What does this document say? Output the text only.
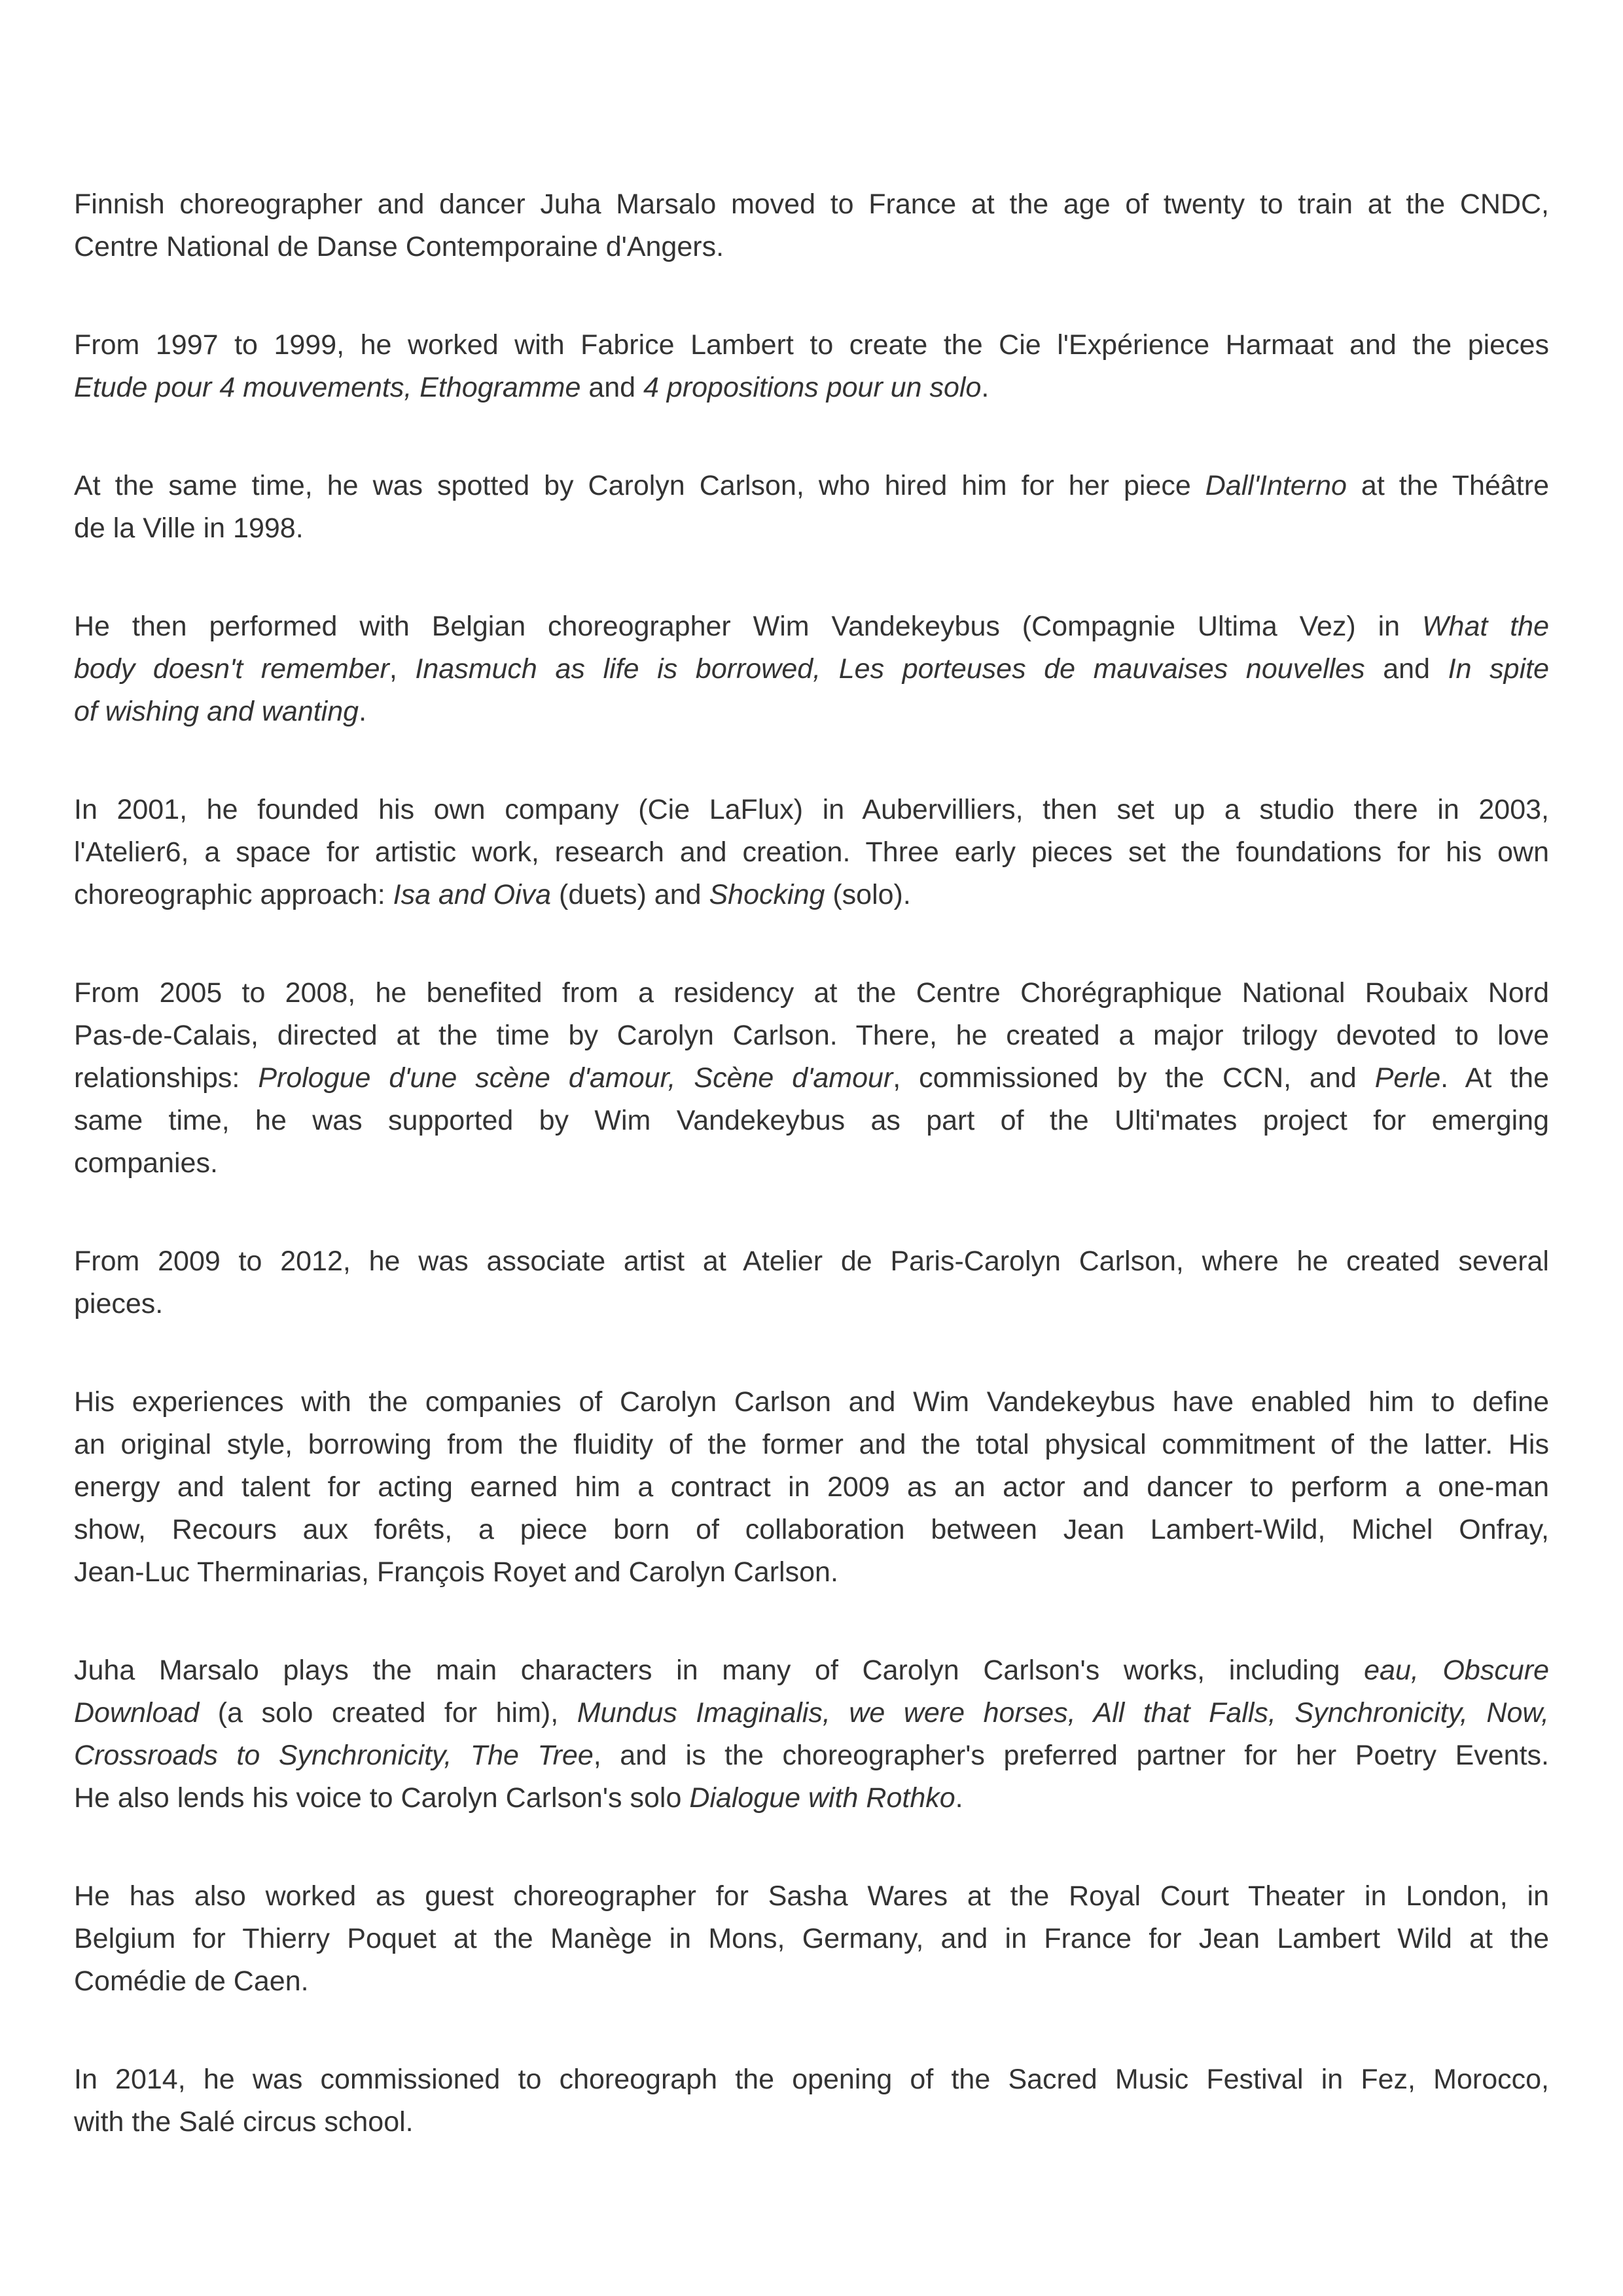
Finnish choreographer and dancer Juha Marsalo moved to France at the age of twenty to train at the CNDC,
Centre National de Danse Contemporaine d'Angers.
From 1997 to 1999, he worked with Fabrice Lambert to create the Cie l'Expérience Harmaat and the pieces
Etude pour 4 mouvements, Ethogramme and 4 propositions pour un solo.
At the same time, he was spotted by Carolyn Carlson, who hired him for her piece Dall'Interno at the Théâtre
de la Ville in 1998.
He then performed with Belgian choreographer Wim Vandekeybus (Compagnie Ultima Vez) in What the
body doesn't remember, Inasmuch as life is borrowed, Les porteuses de mauvaises nouvelles and In spite
of wishing and wanting.
In 2001, he founded his own company (Cie LaFlux) in Aubervilliers, then set up a studio there in 2003,
l'Atelier6, a space for artistic work, research and creation. Three early pieces set the foundations for his own
choreographic approach: Isa and Oiva (duets) and Shocking (solo).
From 2005 to 2008, he benefited from a residency at the Centre Chorégraphique National Roubaix Nord
Pas-de-Calais, directed at the time by Carolyn Carlson. There, he created a major trilogy devoted to love
relationships: Prologue d'une scène d'amour, Scène d'amour, commissioned by the CCN, and Perle. At the
same time, he was supported by Wim Vandekeybus as part of the Ulti'mates project for emerging
companies.
From 2009 to 2012, he was associate artist at Atelier de Paris-Carolyn Carlson, where he created several
pieces.
His experiences with the companies of Carolyn Carlson and Wim Vandekeybus have enabled him to define
an original style, borrowing from the fluidity of the former and the total physical commitment of the latter. His
energy and talent for acting earned him a contract in 2009 as an actor and dancer to perform a one-man
show, Recours aux forêts, a piece born of collaboration between Jean Lambert-Wild, Michel Onfray,
Jean-Luc Therminarias, François Royet and Carolyn Carlson.
Juha Marsalo plays the main characters in many of Carolyn Carlson's works, including eau, Obscure
Download (a solo created for him), Mundus Imaginalis, we were horses, All that Falls, Synchronicity, Now,
Crossroads to Synchronicity, The Tree, and is the choreographer's preferred partner for her Poetry Events.
He also lends his voice to Carolyn Carlson's solo Dialogue with Rothko.
He has also worked as guest choreographer for Sasha Wares at the Royal Court Theater in London, in
Belgium for Thierry Poquet at the Manège in Mons, Germany, and in France for Jean Lambert Wild at the
Comédie de Caen.
In 2014, he was commissioned to choreograph the opening of the Sacred Music Festival in Fez, Morocco,
with the Salé circus school.
